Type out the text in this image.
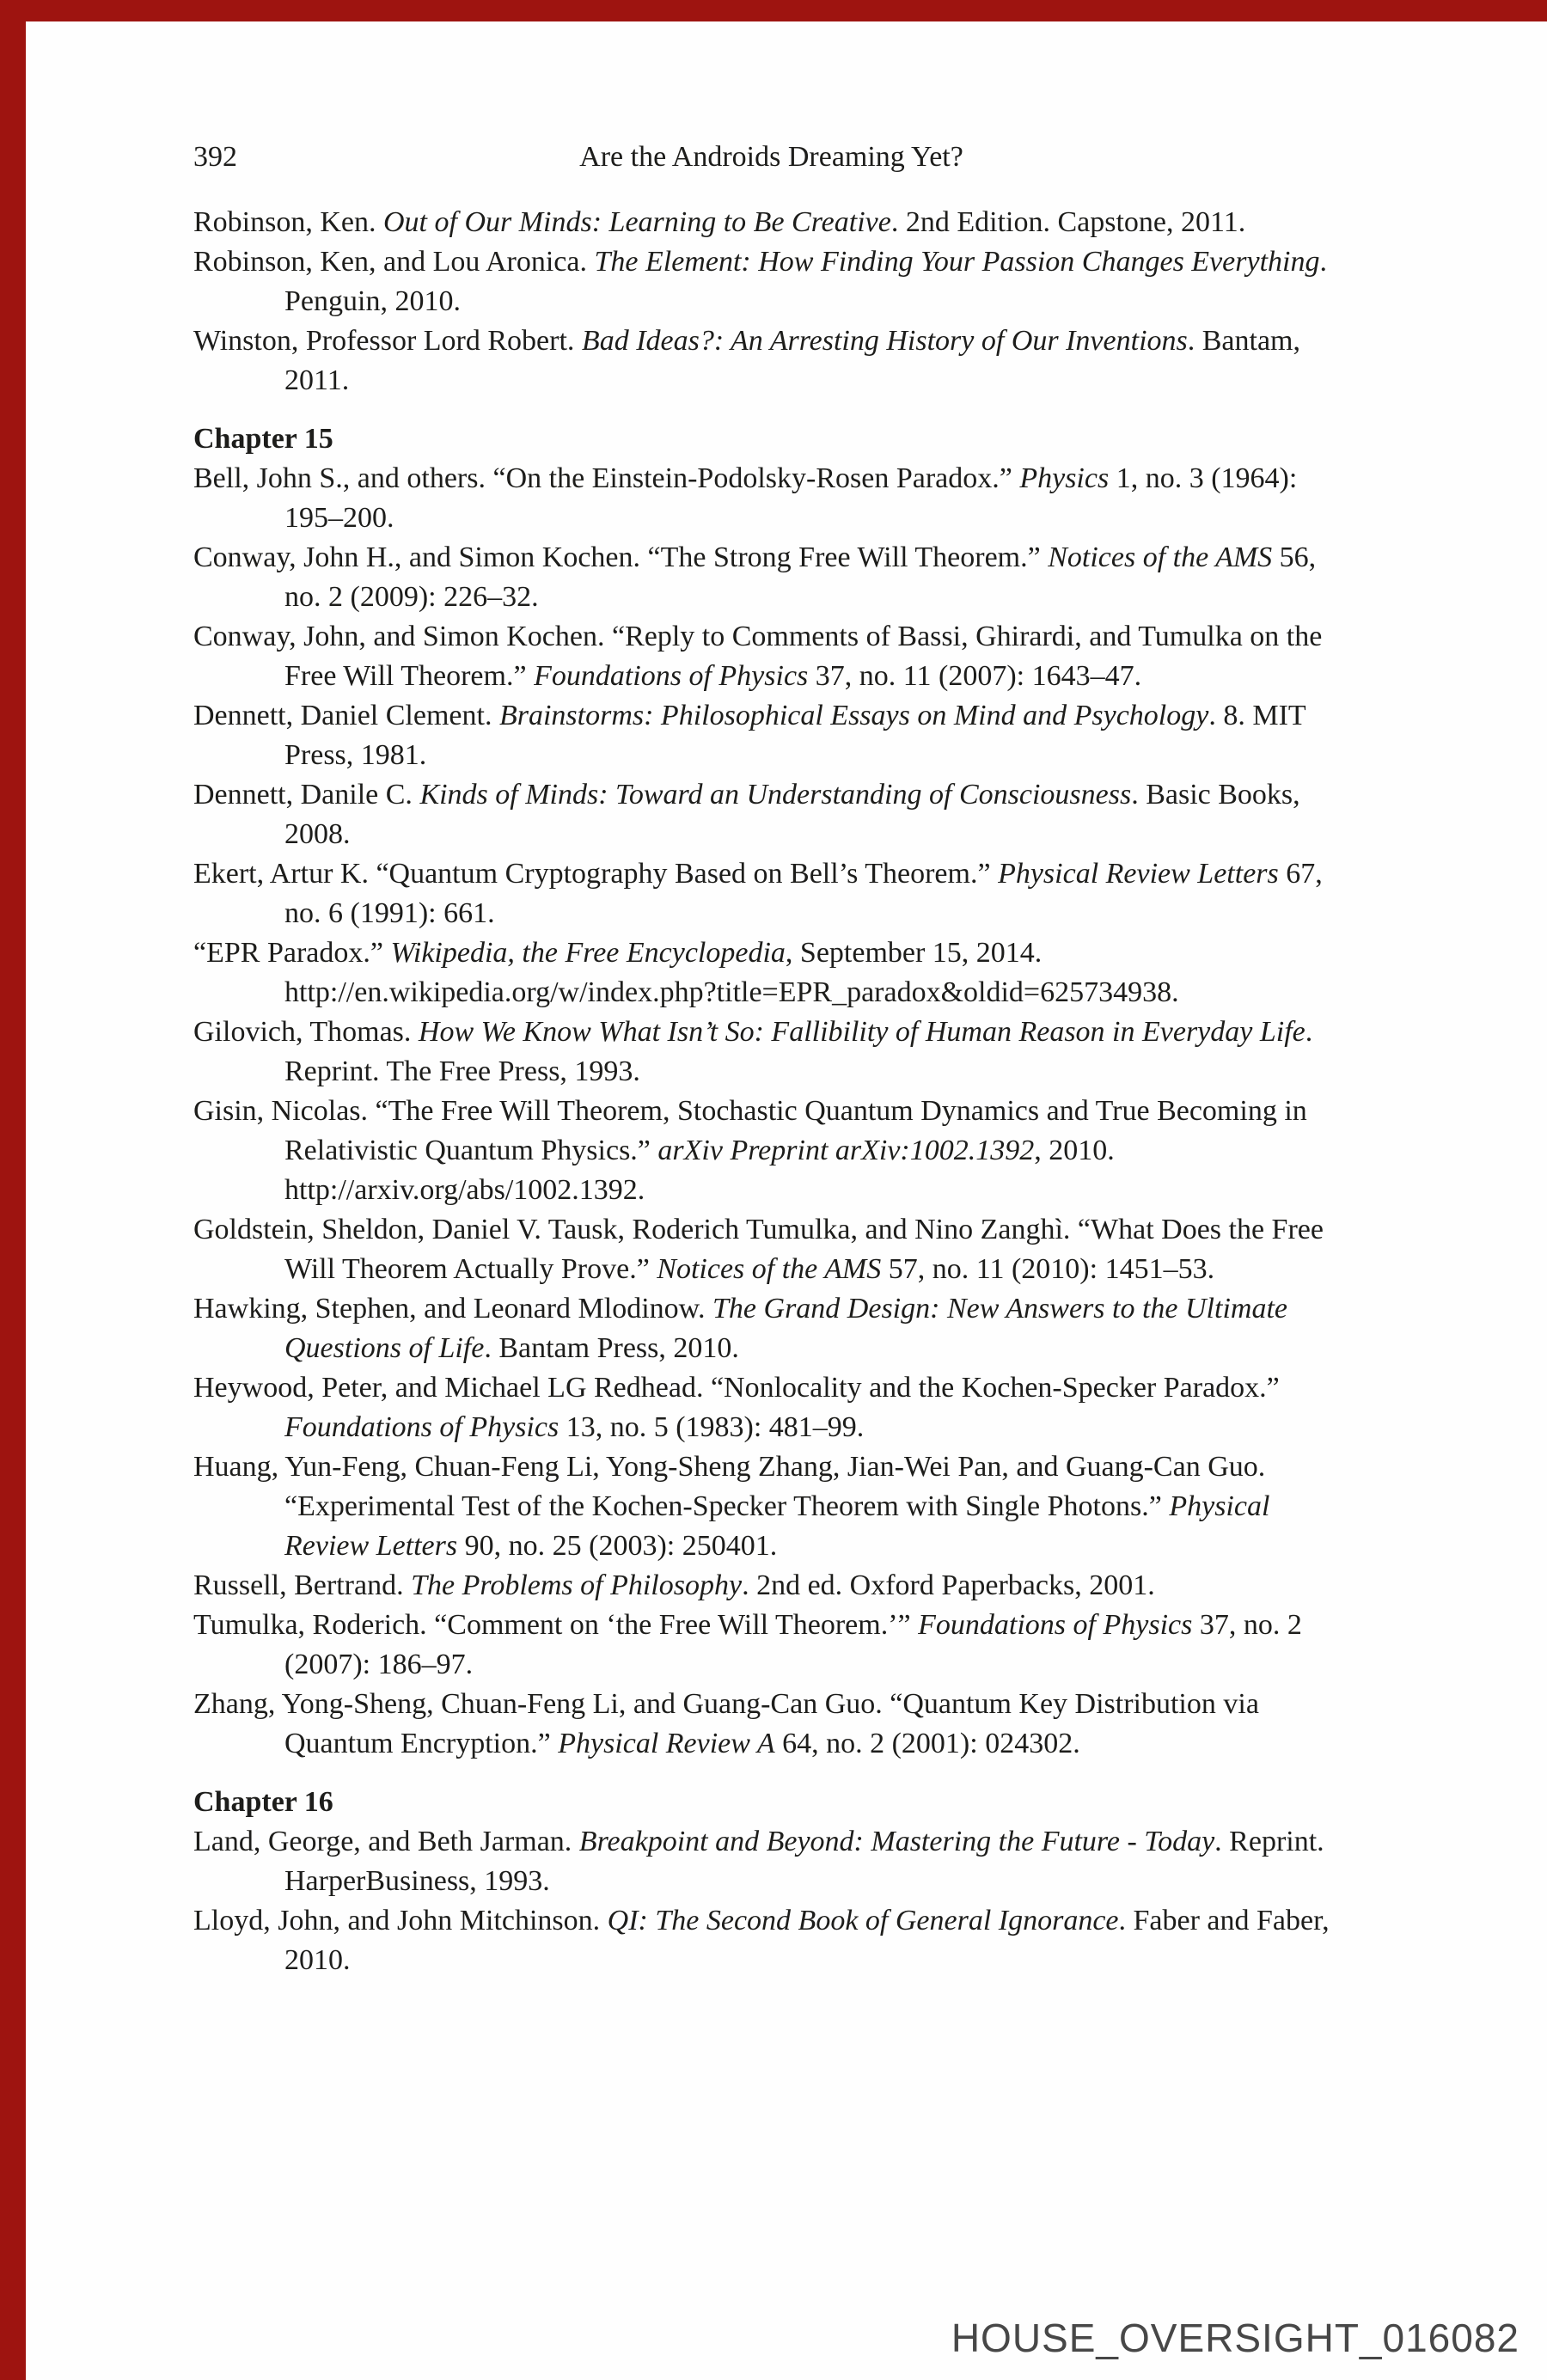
392	Are the Androids Dreaming Yet?

Robinson, Ken. Out of Our Minds: Learning to Be Creative. 2nd Edition. Capstone, 2011.

Robinson, Ken, and Lou Aronica. The Element: How Finding Your Passion Changes Everything. Penguin, 2010.

Winston, Professor Lord Robert. Bad Ideas?: An Arresting History of Our Inventions. Bantam, 2011.

Chapter 15

Bell, John S., and others. “On the Einstein-Podolsky-Rosen Paradox.” Physics 1, no. 3 (1964): 195–200.

Conway, John H., and Simon Kochen. “The Strong Free Will Theorem.” Notices of the AMS 56, no. 2 (2009): 226–32.

Conway, John, and Simon Kochen. “Reply to Comments of Bassi, Ghirardi, and Tumulka on the Free Will Theorem.” Foundations of Physics 37, no. 11 (2007): 1643–47.

Dennett, Daniel Clement. Brainstorms: Philosophical Essays on Mind and Psychology. 8. MIT Press, 1981.

Dennett, Danile C. Kinds of Minds: Toward an Understanding of Consciousness. Basic Books, 2008.

Ekert, Artur K. “Quantum Cryptography Based on Bell’s Theorem.” Physical Review Letters 67, no. 6 (1991): 661.

“EPR Paradox.” Wikipedia, the Free Encyclopedia, September 15, 2014. http://en.wikipedia.org/w/index.php?title=EPR_paradox&oldid=625734938.

Gilovich, Thomas. How We Know What Isn’t So: Fallibility of Human Reason in Everyday Life. Reprint. The Free Press, 1993.

Gisin, Nicolas. “The Free Will Theorem, Stochastic Quantum Dynamics and True Becoming in Relativistic Quantum Physics.” arXiv Preprint arXiv:1002.1392, 2010. http://arxiv.org/abs/1002.1392.

Goldstein, Sheldon, Daniel V. Tausk, Roderich Tumulka, and Nino Zanghì. “What Does the Free Will Theorem Actually Prove.” Notices of the AMS 57, no. 11 (2010): 1451–53.

Hawking, Stephen, and Leonard Mlodinow. The Grand Design: New Answers to the Ultimate Questions of Life. Bantam Press, 2010.

Heywood, Peter, and Michael LG Redhead. “Nonlocality and the Kochen-Specker Paradox.” Foundations of Physics 13, no. 5 (1983): 481–99.

Huang, Yun-Feng, Chuan-Feng Li, Yong-Sheng Zhang, Jian-Wei Pan, and Guang-Can Guo. “Experimental Test of the Kochen-Specker Theorem with Single Photons.” Physical Review Letters 90, no. 25 (2003): 250401.

Russell, Bertrand. The Problems of Philosophy. 2nd ed. Oxford Paperbacks, 2001.

Tumulka, Roderich. “Comment on ‘the Free Will Theorem.’” Foundations of Physics 37, no. 2 (2007): 186–97.

Zhang, Yong-Sheng, Chuan-Feng Li, and Guang-Can Guo. “Quantum Key Distribution via Quantum Encryption.” Physical Review A 64, no. 2 (2001): 024302.

Chapter 16

Land, George, and Beth Jarman. Breakpoint and Beyond: Mastering the Future - Today. Reprint. HarperBusiness, 1993.

Lloyd, John, and John Mitchinson. QI: The Second Book of General Ignorance. Faber and Faber, 2010.

HOUSE_OVERSIGHT_016082
